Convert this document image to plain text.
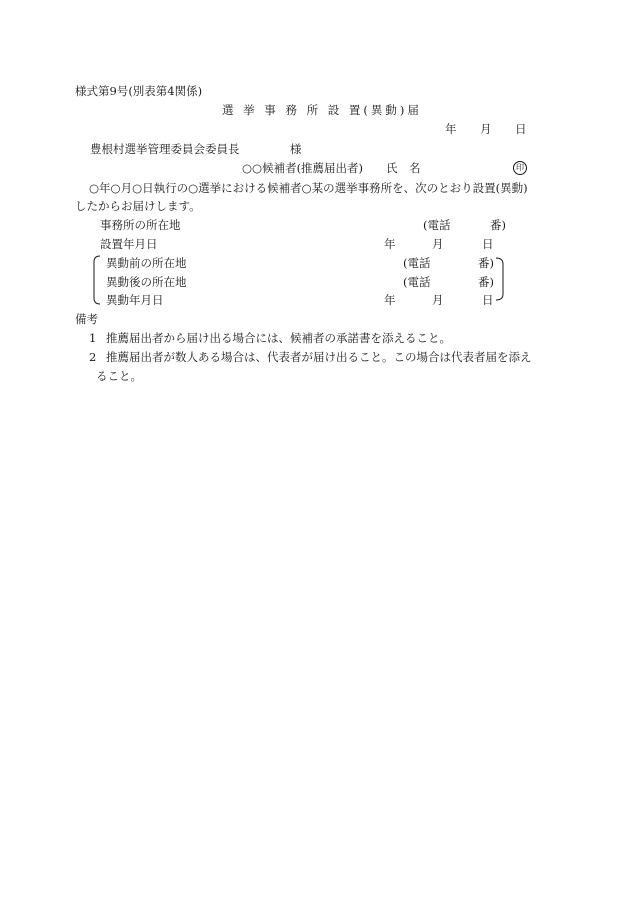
様式第9号(別表第4関係)
選 挙 事 務 所 設 置(異動)届
年 月 日
豊根村選挙管理委員会委員長	様
○○候補者(推薦届出者) 氏　名	印
○年○月○日執行の○選挙における候補者○某の選挙事務所を、次のとおり設置(異動)
したからお届けします。
事務所の所在地	(電話	番)
設置年月日	年	月	日
異動前の所在地	(電話	番)
異動後の所在地	(電話	番)
異動年月日	年	月	日
備考
1 推薦届出者から届け出る場合には、候補者の承諾書を添えること。
2 推薦届出者が数人ある場合は、代表者が届け出ること。この場合は代表者届を添え
ること。
